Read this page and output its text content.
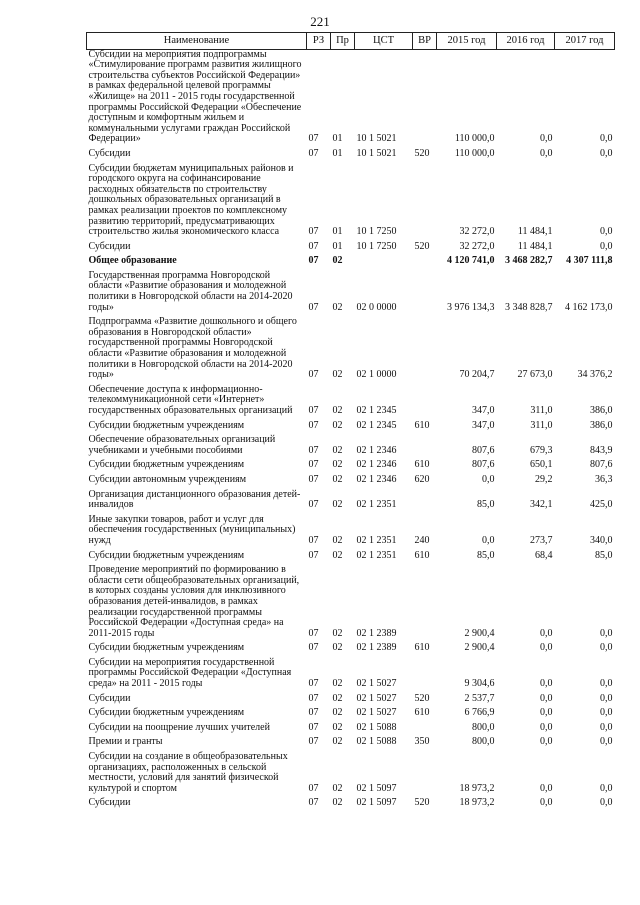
221
Наименование	РЗ	Пр	ЦСТ	ВР	2015 год	2016 год	2017 год
Субсидии на мероприятия подпрограммы «Стимулирование программ развития жилищного строительства субъектов Российской Федерации» в рамках федеральной целевой программы «Жилище» на 2011 - 2015 годы государственной программы Российской Федерации «Обеспечение доступным и комфортным жильем и коммунальными услугами граждан Российской Федерации»	07	01	10 1 5021		110 000,0	0,0	0,0
Субсидии	07	01	10 1 5021	520	110 000,0	0,0	0,0
Субсидии бюджетам муниципальных районов и городского округа на софинансирование расходных обязательств по строительству дошкольных образовательных организаций в рамках реализации проектов по комплексному развитию территорий, предусматривающих строительство жилья экономического класса	07	01	10 1 7250		32 272,0	11 484,1	0,0
Субсидии	07	01	10 1 7250	520	32 272,0	11 484,1	0,0
Общее образование	07	02			4 120 741,0	3 468 282,7	4 307 111,8
Государственная программа Новгородской области «Развитие образования и молодежной политики в Новгородской области на 2014-2020 годы»	07	02	02 0 0000		3 976 134,3	3 348 828,7	4 162 173,0
Подпрограмма «Развитие дошкольного и общего образования в Новгородской области» государственной программы Новгородской области «Развитие образования и молодежной политики в Новгородской области на 2014-2020 годы»	07	02	02 1 0000		70 204,7	27 673,0	34 376,2
Обеспечение доступа к информационно-телекоммуникационной сети «Интернет» государственных образовательных организаций	07	02	02 1 2345		347,0	311,0	386,0
Субсидии бюджетным учреждениям	07	02	02 1 2345	610	347,0	311,0	386,0
Обеспечение образовательных организаций учебниками и учебными пособиями	07	02	02 1 2346		807,6	679,3	843,9
Субсидии бюджетным учреждениям	07	02	02 1 2346	610	807,6	650,1	807,6
Субсидии автономным учреждениям	07	02	02 1 2346	620	0,0	29,2	36,3
Организация дистанционного образования детей-инвалидов	07	02	02 1 2351		85,0	342,1	425,0
Иные закупки товаров, работ и услуг для обеспечения государственных (муниципальных) нужд	07	02	02 1 2351	240	0,0	273,7	340,0
Субсидии бюджетным учреждениям	07	02	02 1 2351	610	85,0	68,4	85,0
Проведение мероприятий по формированию в области сети общеобразовательных организаций, в которых созданы условия для инклюзивного образования детей-инвалидов, в рамках реализации государственной программы Российской Федерации «Доступная среда» на 2011-2015 годы	07	02	02 1 2389		2 900,4	0,0	0,0
Субсидии бюджетным учреждениям	07	02	02 1 2389	610	2 900,4	0,0	0,0
Субсидии на мероприятия государственной программы Российской Федерации «Доступная среда» на 2011 - 2015 годы	07	02	02 1 5027		9 304,6	0,0	0,0
Субсидии	07	02	02 1 5027	520	2 537,7	0,0	0,0
Субсидии бюджетным учреждениям	07	02	02 1 5027	610	6 766,9	0,0	0,0
Субсидии на поощрение лучших учителей	07	02	02 1 5088		800,0	0,0	0,0
Премии и гранты	07	02	02 1 5088	350	800,0	0,0	0,0
Субсидии на создание в общеобразовательных организациях, расположенных в сельской местности, условий для занятий физической культурой и спортом	07	02	02 1 5097		18 973,2	0,0	0,0
Субсидии	07	02	02 1 5097	520	18 973,2	0,0	0,0
